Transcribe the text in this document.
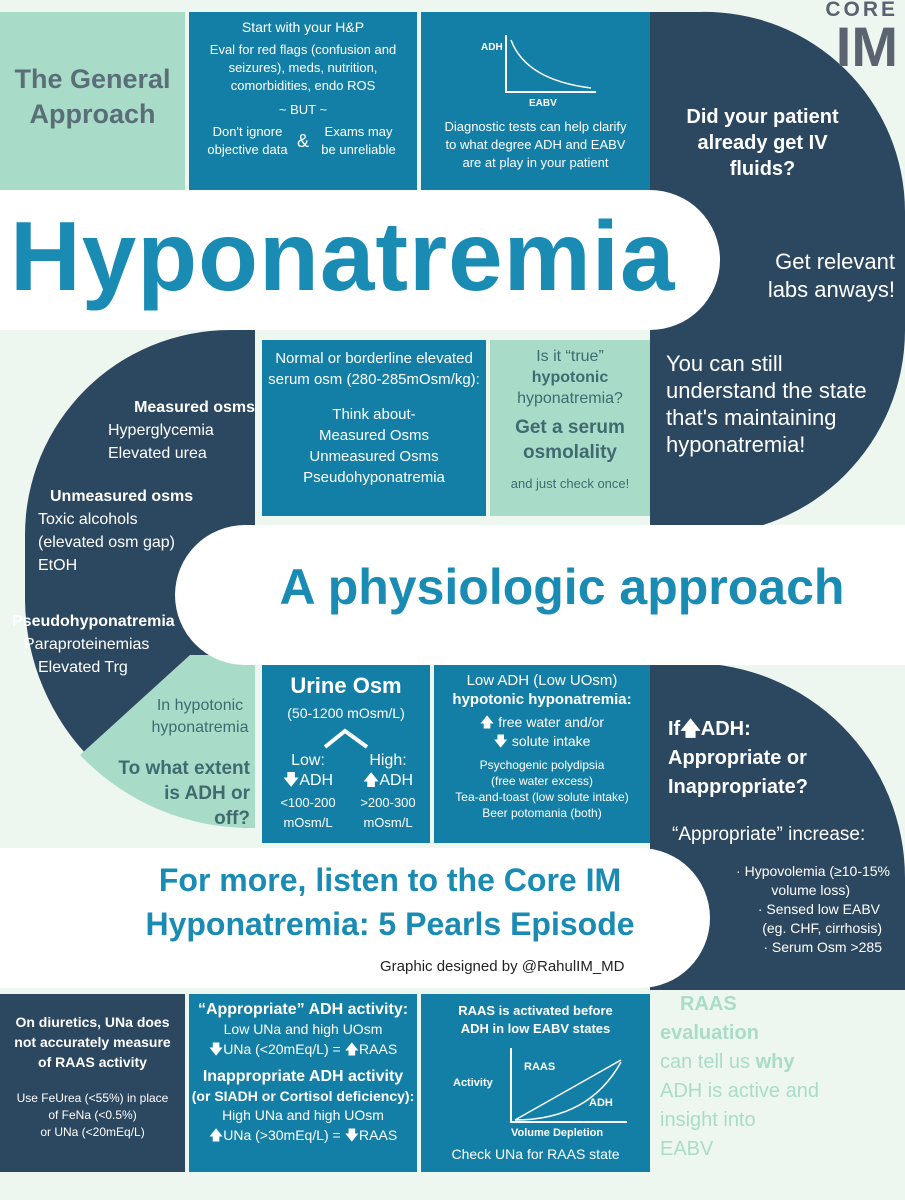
CORE
IM
The General
Approach
Start with your H&P
Eval for red flags (confusion and
seizures), meds, nutrition,
comorbidities, endo ROS
~ BUT ~
Don't ignore
objective data &	Exams may
be unreliable
ADH
EABV
Diagnostic tests can help clarify
to what degree ADH and EABV
are at play in your patient
Did your patient
already get IV
fluids?
Get relevant
labs anways!
You can still
understand the state
that's maintaining
hyponatremia!
Hyponatremia
Normal or borderline elevated
serum osm (280-285mOsm/kg):
Think about-
Measured Osms
Unmeasured Osms
Pseudohyponatremia
Is it “true”
hypotonic
hyponatremia?
Get a serum
osmolality
and just check once!
Measured osms
Hyperglycemia
Elevated urea
Unmeasured osms
Toxic alcohols
(elevated osm gap)
EtOH
Pseudohyponatremia
Paraproteinemias
Elevated Trg
A physiologic approach
In hypotonic
hyponatremia
To what extent
is ADH or
off?
Urine Osm
(50-1200 mOsm/L)
Low:
🡇ADH
<100-200
mOsm/L
High:
🡅ADH
>200-300
mOsm/L
Low ADH (Low UOsm)
hypotonic hyponatremia:
🡅 free water and/or
🡇 solute intake
Psychogenic polydipsia
(free water excess)
Tea-and-toast (low solute intake)
Beer potomania (both)
If🡅ADH:
Appropriate or
Inappropriate?
“Appropriate” increase:
· Hypovolemia (≥10-15%
volume loss)
· Sensed low EABV
(eg. CHF, cirrhosis)
· Serum Osm >285
For more, listen to the Core IM
Hyponatremia: 5 Pearls Episode
Graphic designed by @RahulIM_MD
On diuretics, UNa does
not accurately measure
of RAAS activity
Use FeUrea (<55%) in place
of FeNa (<0.5%)
or UNa (<20mEq/L)
“Appropriate” ADH activity:
Low UNa and high UOsm
🡇UNa (<20mEq/L) = 🡅RAAS
Inappropriate ADH activity
(or SIADH or Cortisol deficiency):
High UNa and high UOsm
🡅UNa (>30mEq/L) = 🡇RAAS
RAAS is activated before
ADH in low EABV states
Activity
RAAS
ADH
Volume Depletion
Check UNa for RAAS state
RAAS
evaluation
can tell us why
ADH is active and
insight into
EABV
